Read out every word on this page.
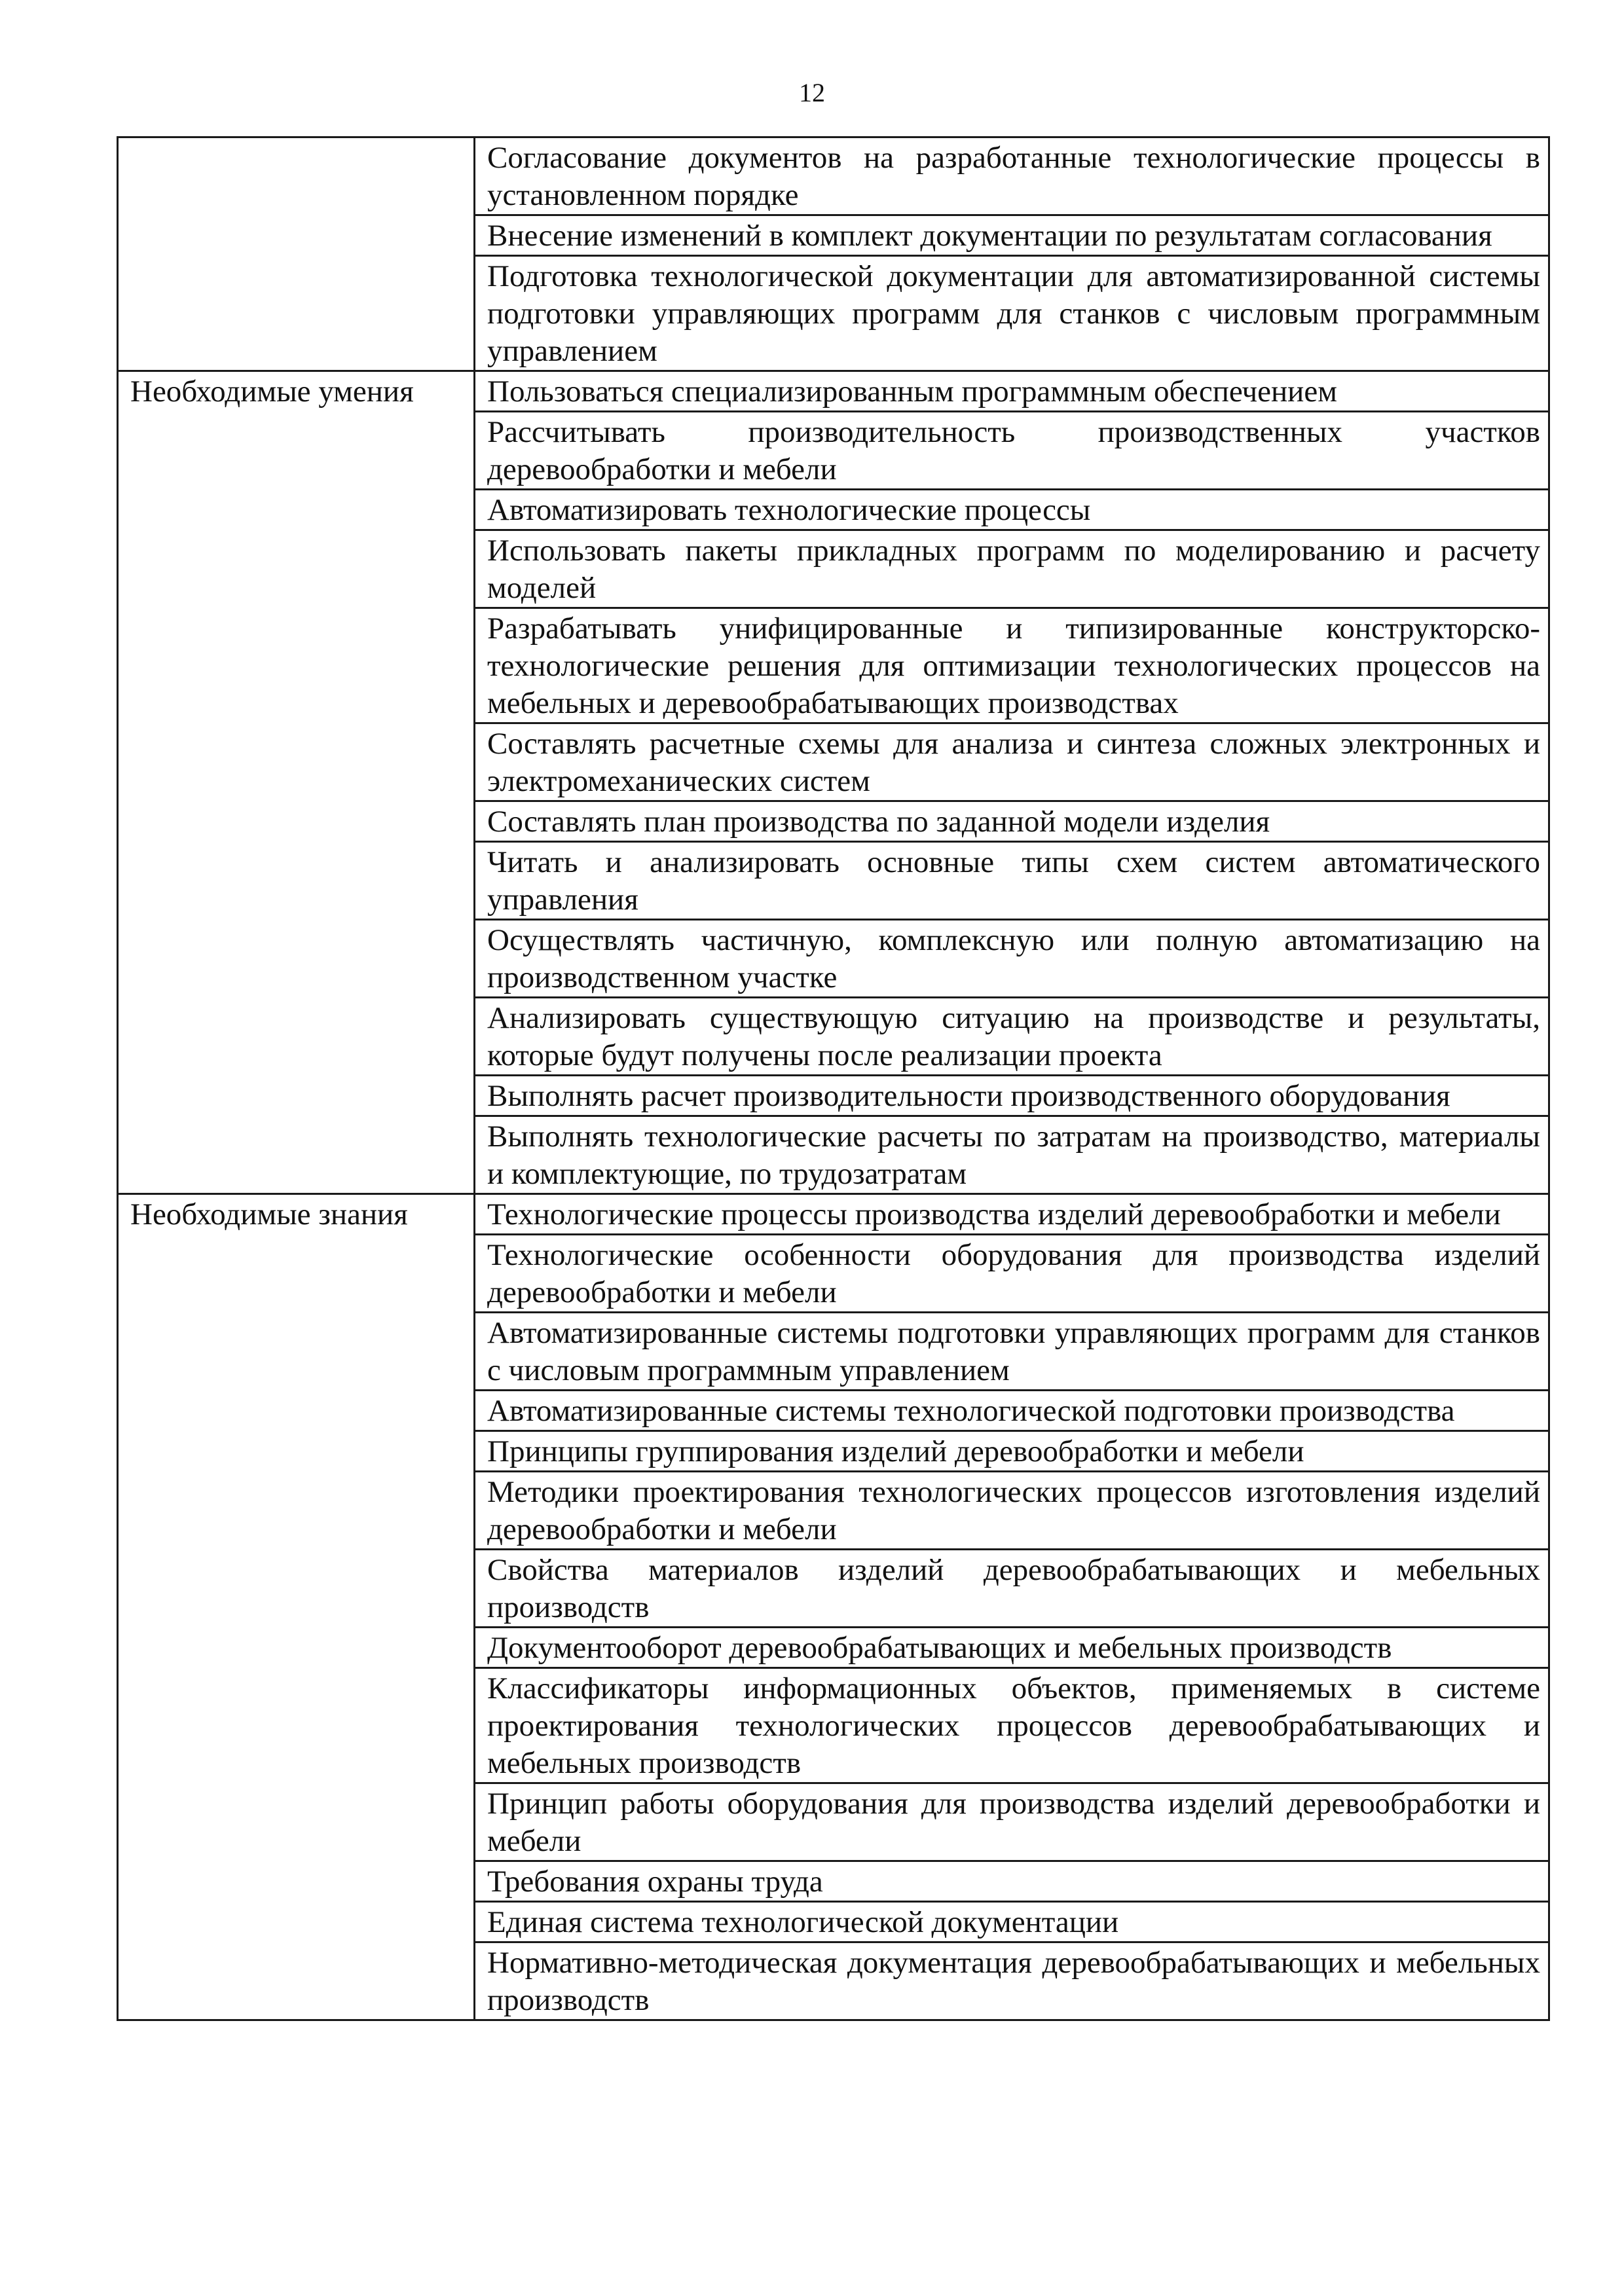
12
	Согласование документов на разработанные технологические процессы в установленном порядке
	Внесение изменений в комплект документации по результатам согласования
	Подготовка технологической документации для автоматизированной системы подготовки управляющих программ для станков с числовым программным управлением
Необходимые умения	Пользоваться специализированным программным обеспечением
	Рассчитывать производительность производственных участков деревообработки и мебели
	Автоматизировать технологические процессы
	Использовать пакеты прикладных программ по моделированию и расчету моделей
	Разрабатывать унифицированные и типизированные конструкторско-технологические решения для оптимизации технологических процессов на мебельных и деревообрабатывающих производствах
	Составлять расчетные схемы для анализа и синтеза сложных электронных и электромеханических систем
	Составлять план производства по заданной модели изделия
	Читать и анализировать основные типы схем систем автоматического управления
	Осуществлять частичную, комплексную или полную автоматизацию на производственном участке
	Анализировать существующую ситуацию на производстве и результаты, которые будут получены после реализации проекта
	Выполнять расчет производительности производственного оборудования
	Выполнять технологические расчеты по затратам на производство, материалы и комплектующие, по трудозатратам
Необходимые знания	Технологические процессы производства изделий деревообработки и мебели
	Технологические особенности оборудования для производства изделий деревообработки и мебели
	Автоматизированные системы подготовки управляющих программ для станков с числовым программным управлением
	Автоматизированные системы технологической подготовки производства
	Принципы группирования изделий деревообработки и мебели
	Методики проектирования технологических процессов изготовления изделий деревообработки и мебели
	Свойства материалов изделий деревообрабатывающих и мебельных производств
	Документооборот деревообрабатывающих и мебельных производств
	Классификаторы информационных объектов, применяемых в системе проектирования технологических процессов деревообрабатывающих и мебельных производств
	Принцип работы оборудования для производства изделий деревообработки и мебели
	Требования охраны труда
	Единая система технологической документации
	Нормативно-методическая документация деревообрабатывающих и мебельных производств
